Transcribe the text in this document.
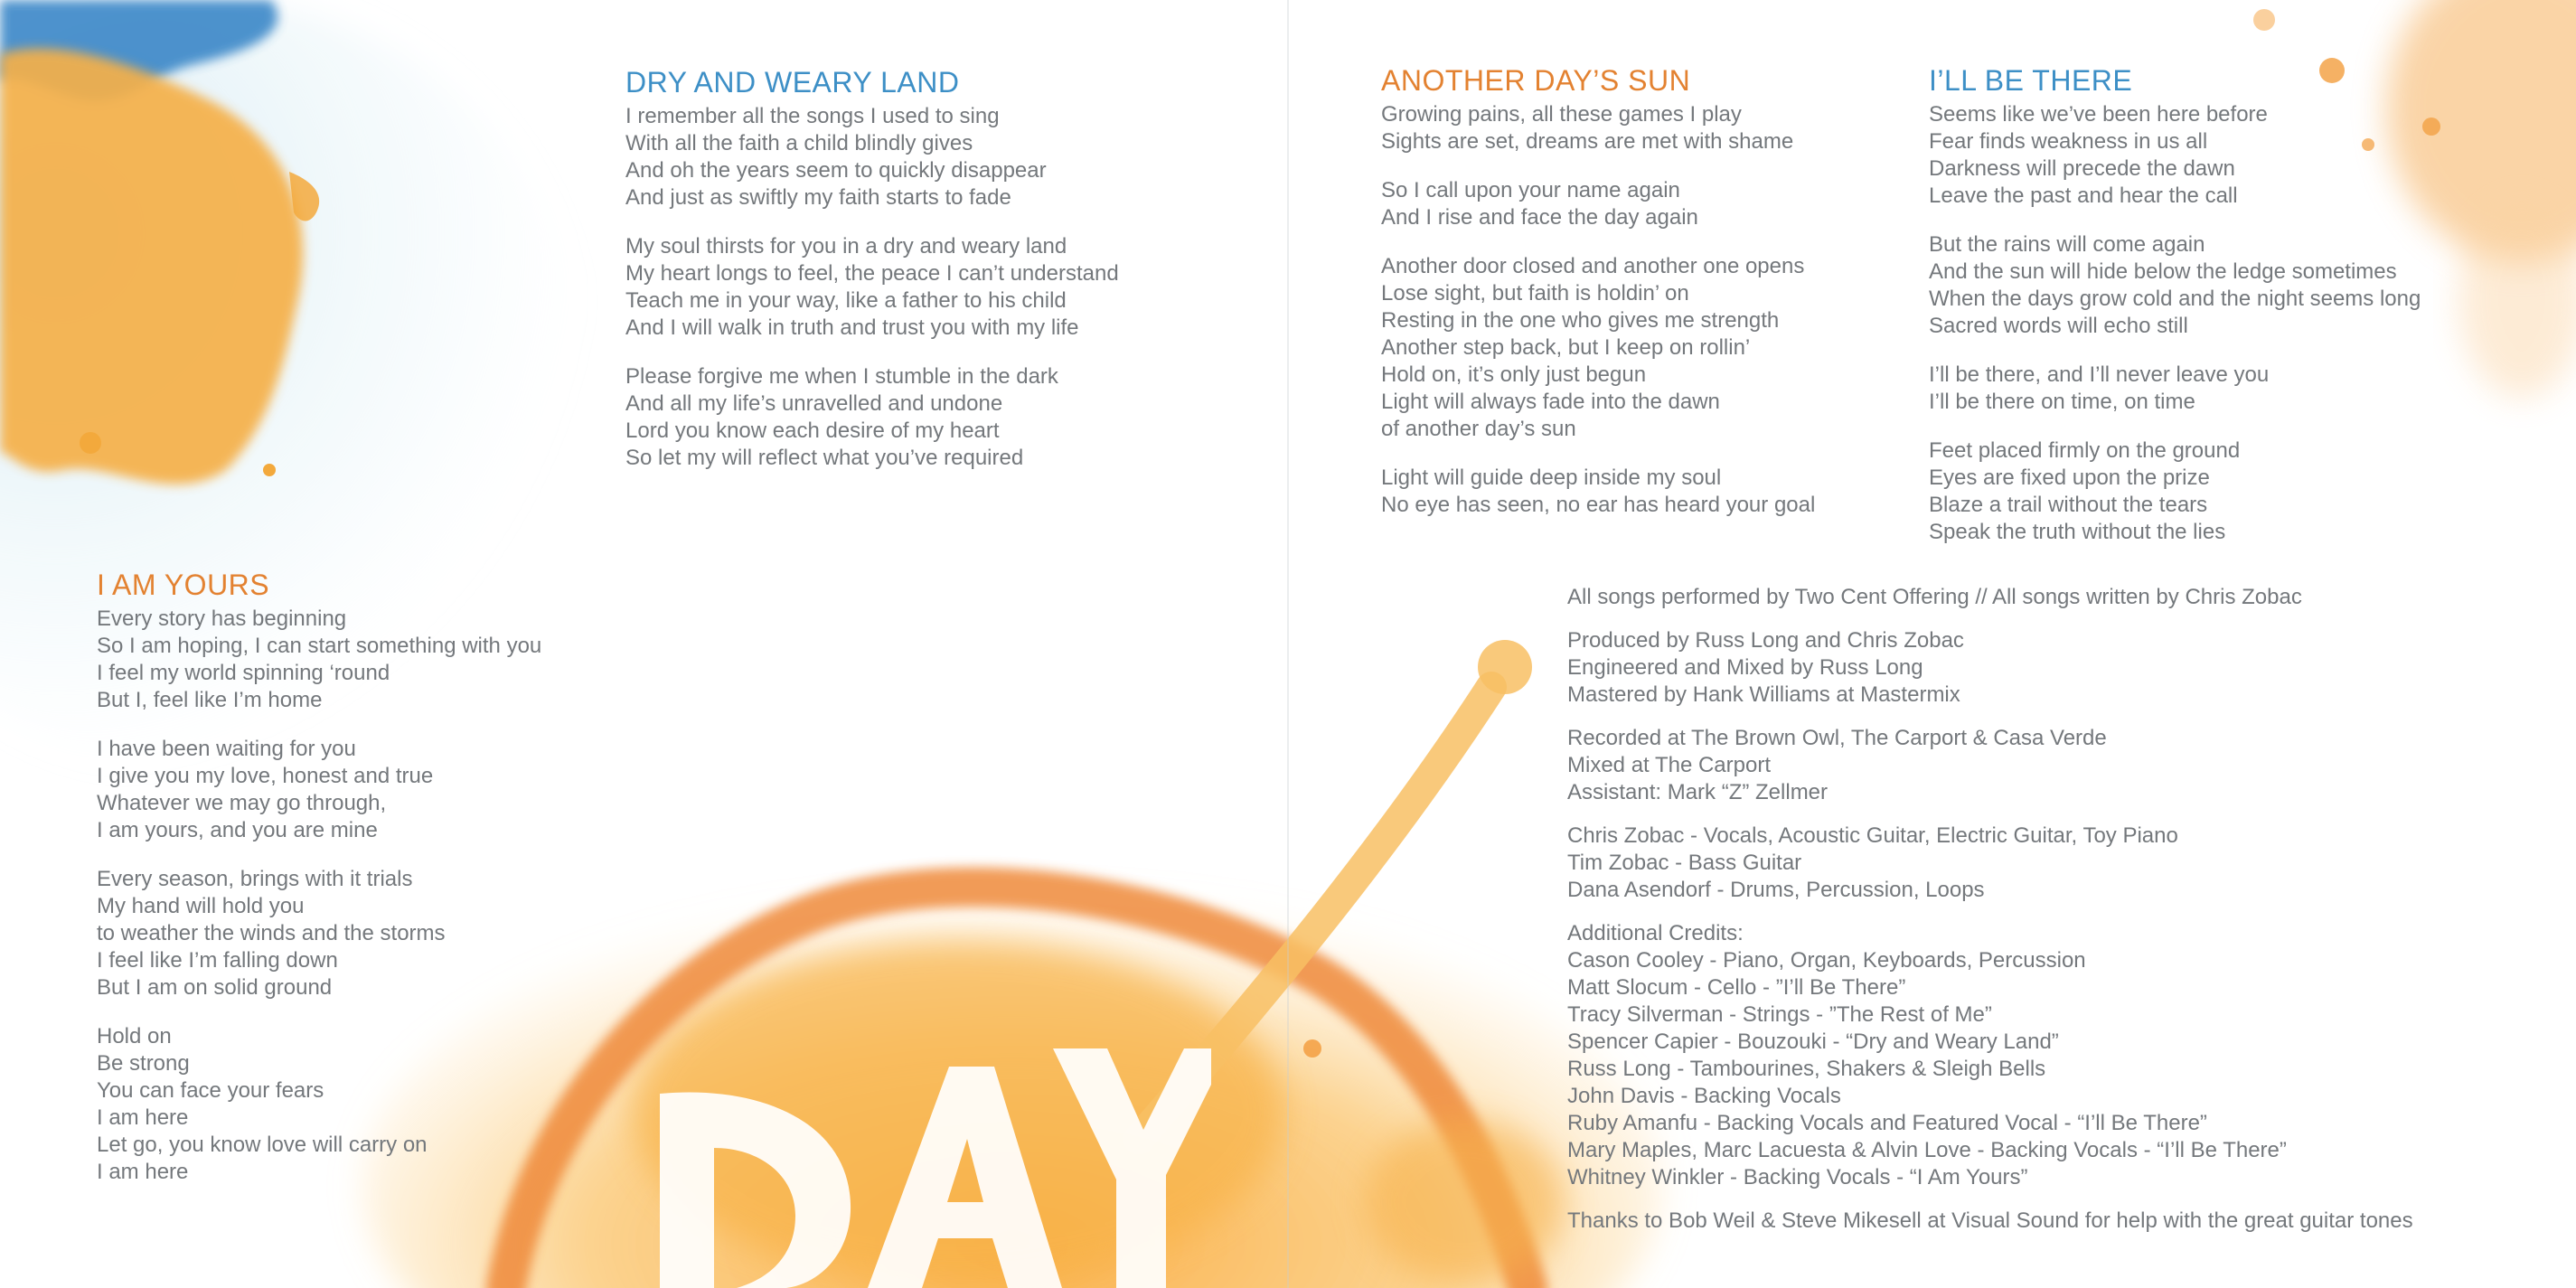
DRY AND WEARY LAND
I remember all the songs I used to sing
With all the faith a child blindly gives
And oh the years seem to quickly disappear
And just as swiftly my faith starts to fade
My soul thirsts for you in a dry and weary land
My heart longs to feel, the peace I can’t understand
Teach me in your way, like a father to his child
And I will walk in truth and trust you with my life
Please forgive me when I stumble in the dark
And all my life’s unravelled and undone
Lord you know each desire of my heart
So let my will reflect what you’ve required
I AM YOURS
Every story has beginning
So I am hoping, I can start something with you
I feel my world spinning ‘round
But I, feel like I’m home
I have been waiting for you
I give you my love, honest and true
Whatever we may go through,
I am yours, and you are mine
Every season, brings with it trials
My hand will hold you
to weather the winds and the storms
I feel like I’m falling down
But I am on solid ground
Hold on
Be strong
You can face your fears
I am here
Let go, you know love will carry on
I am here
ANOTHER DAY’S SUN
Growing pains, all these games I play
Sights are set, dreams are met with shame
So I call upon your name again
And I rise and face the day again
Another door closed and another one opens
Lose sight, but faith is holdin’ on
Resting in the one who gives me strength
Another step back, but I keep on rollin’
Hold on, it’s only just begun
Light will always fade into the dawn
of another day’s sun
Light will guide deep inside my soul
No eye has seen, no ear has heard your goal
I’LL BE THERE
Seems like we’ve been here before
Fear finds weakness in us all
Darkness will precede the dawn
Leave the past and hear the call
But the rains will come again
And the sun will hide below the ledge sometimes
When the days grow cold and the night seems long
Sacred words will echo still
I’ll be there, and I’ll never leave you
I’ll be there on time, on time
Feet placed firmly on the ground
Eyes are fixed upon the prize
Blaze a trail without the tears
Speak the truth without the lies
All songs performed by Two Cent Offering // All songs written by Chris Zobac
Produced by Russ Long and Chris Zobac
Engineered and Mixed by Russ Long
Mastered by Hank Williams at Mastermix
Recorded at The Brown Owl, The Carport & Casa Verde
Mixed at The Carport
Assistant: Mark “Z” Zellmer
Chris Zobac - Vocals, Acoustic Guitar, Electric Guitar, Toy Piano
Tim Zobac - Bass Guitar
Dana Asendorf - Drums, Percussion, Loops
Additional Credits:
Cason Cooley - Piano, Organ, Keyboards, Percussion
Matt Slocum - Cello - ”I’ll Be There”
Tracy Silverman - Strings - ”The Rest of Me”
Spencer Capier - Bouzouki - “Dry and Weary Land”
Russ Long - Tambourines, Shakers & Sleigh Bells
John Davis - Backing Vocals
Ruby Amanfu - Backing Vocals and Featured Vocal - “I’ll Be There”
Mary Maples, Marc Lacuesta & Alvin Love - Backing Vocals - “I’ll Be There”
Whitney Winkler - Backing Vocals - “I Am Yours”
Thanks to Bob Weil & Steve Mikesell at Visual Sound for help with the great guitar tones
